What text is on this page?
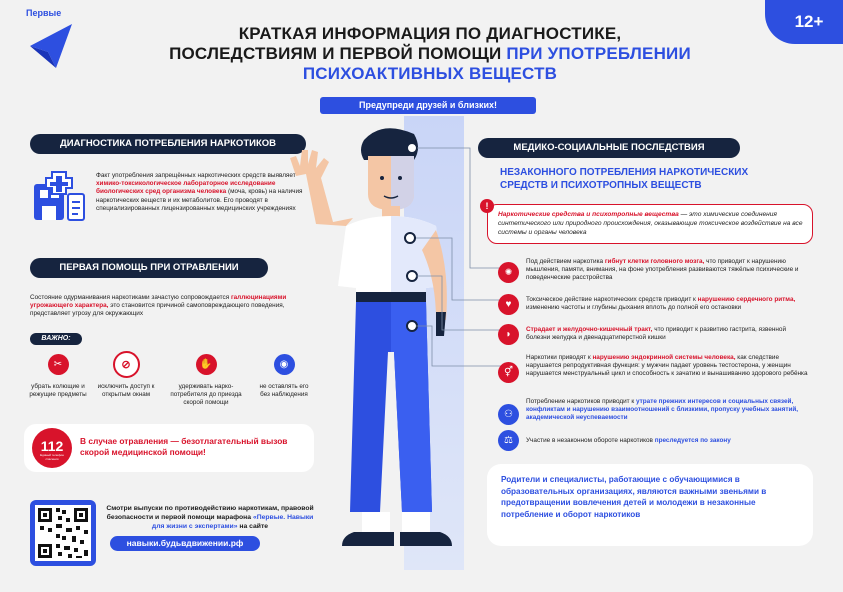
Первые	12+
КРАТКАЯ ИНФОРМАЦИЯ ПО ДИАГНОСТИКЕ,
ПОСЛЕДСТВИЯМ И ПЕРВОЙ ПОМОЩИ ПРИ УПОТРЕБЛЕНИИ
ПСИХОАКТИВНЫХ ВЕЩЕСТВ
Предупреди друзей и близких!
ДИАГНОСТИКА ПОТРЕБЛЕНИЯ НАРКОТИКОВ
Факт употребления запрещённых наркотических средств выявляет химико-токсикологическое лабораторное исследование биологических сред организма человека (моча, кровь) на наличия наркотических веществ и их метаболитов. Его проводят в специализированных лицензированных медицинских учреждениях
ПЕРВАЯ ПОМОЩЬ ПРИ ОТРАВЛЕНИИ
Состояние одурманивания наркотиками зачастую сопровождается галлюцинациями угрожающего характера, это становится причиной самоповреждающего поведения, представляет угрозу для окружающих
ВАЖНО:
✂
убрать колющие и режущие предметы
⊘
исключить доступ к открытым окнам
✋
удерживать нарко-потребителя до приезда скорой помощи
◉
не оставлять его без наблюдения
112
Единый телефон спасения
В случае отравления — безотлагательный вызов скорой медицинской помощи!
Смотри выпуски по противодействию наркотикам, правовой безопасности и первой помощи марафона «Первые. Навыки для жизни с экспертами» на сайте
навыки.будьвдвижении.рф
МЕДИКО-СОЦИАЛЬНЫЕ ПОСЛЕДСТВИЯ
НЕЗАКОННОГО ПОТРЕБЛЕНИЯ НАРКОТИЧЕСКИХ СРЕДСТВ И ПСИХОТРОПНЫХ ВЕЩЕСТВ
!
Наркотические средства и психотропные вещества — это химические соединения синтетического или природного происхождения, оказывающие токсическое воздействие на все системы и органы человека
✺
Под действием наркотика гибнут клетки головного мозга, что приводит к нарушению мышления, памяти, внимания, на фоне употребления развиваются тяжёлые психические и поведенческие расстройства
♥	Токсическое действие наркотических средств приводит к нарушению сердечного ритма, изменению частоты и глубины дыхания вплоть до полной его остановки
◗	Страдает и желудочно-кишечный тракт, что приводит к развитию гастрита, язвенной болезни желудка и двенадцатиперстной кишки
⚥
Наркотики приводят к нарушению эндокринной системы человека, как следствие нарушается репродуктивная функция: у мужчин падает уровень тестостерона, у женщин нарушается менструальный цикл и способность к зачатию и вынашиванию здорового ребёнка
⚇
Потребление наркотиков приводит к утрате прежних интересов и социальных связей, конфликтам и нарушению взаимоотношений с близкими, пропуску учебных занятий, академической неуспеваемости
⚖	Участие в незаконном обороте наркотиков преследуется по закону
Родители и специалисты, работающие с обучающимися в образовательных организациях, являются важными звеньями в предотвращении вовлечения детей и молодежи в незаконные потребление и оборот наркотиков
